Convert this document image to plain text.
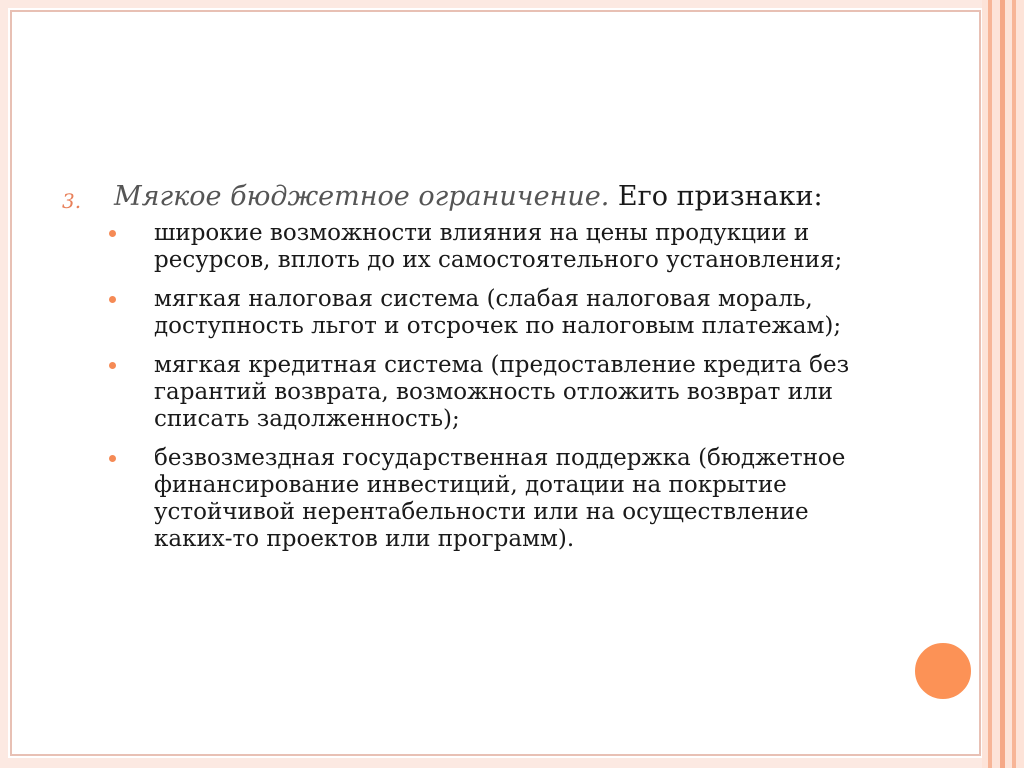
3. Мягкое бюджетное ограничение. Его признаки:
широкие возможности влияния на цены продукции и ресурсов, вплоть до их самостоятельного установления;
мягкая налоговая система (слабая налоговая мораль, доступность льгот и отсрочек по налоговым платежам);
мягкая кредитная система (предоставление кредита без гарантий возврата, возможность отложить возврат или списать задолженность);
безвозмездная государственная поддержка (бюджетное финансирование инвестиций, дотации на покрытие устойчивой нерентабельности или на осуществление каких-то проектов или программ).
